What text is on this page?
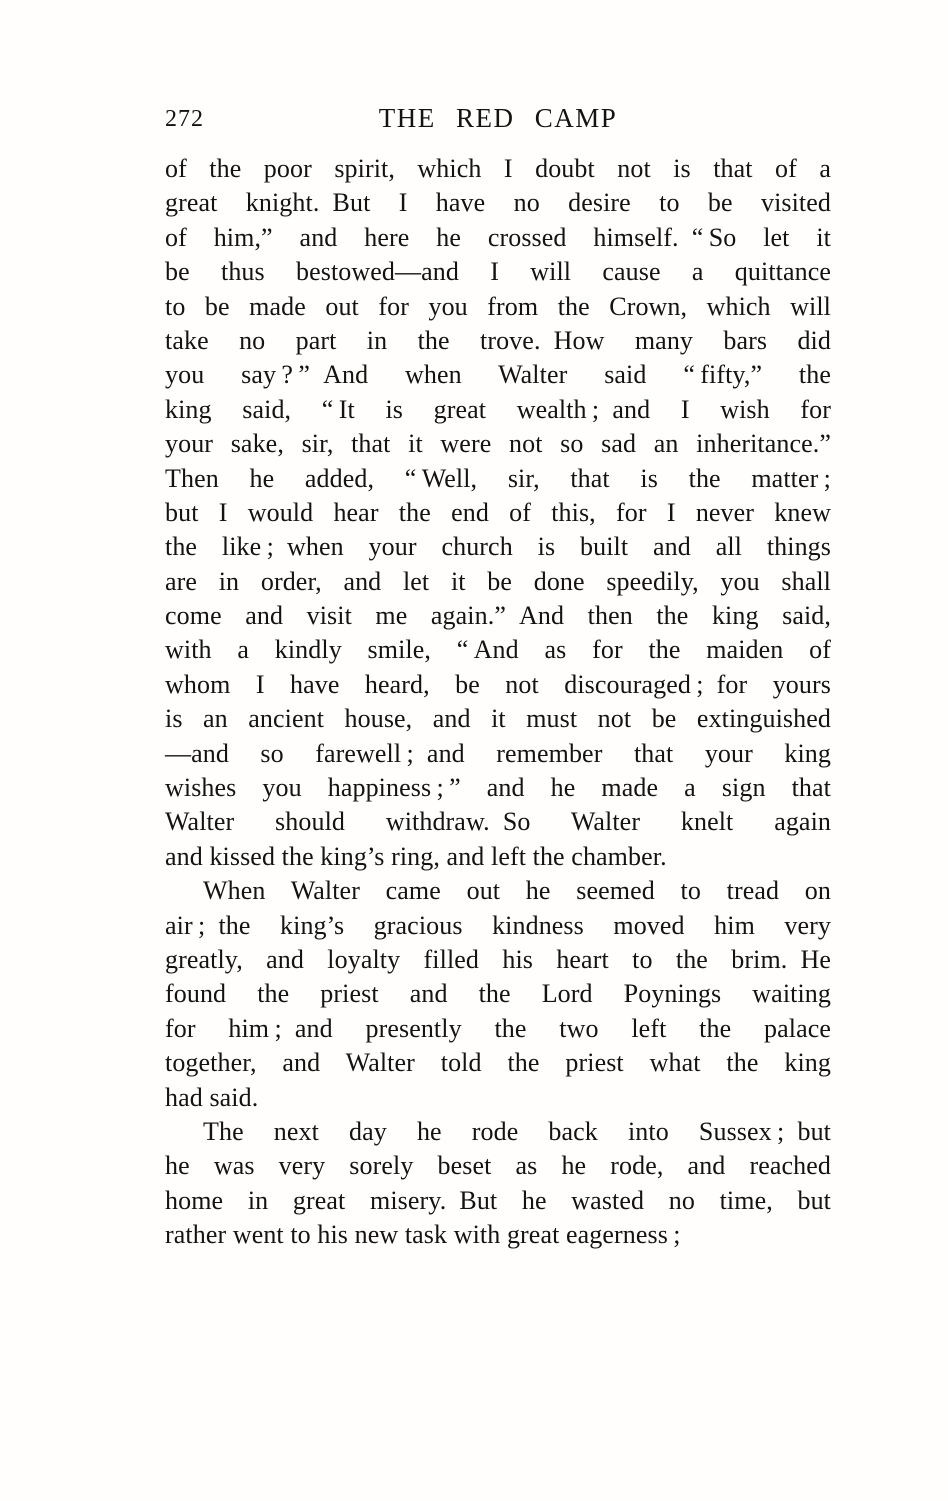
272	THE RED CAMP
of the poor spirit, which I doubt not is that of a
great knight. But I have no desire to be visited
of him,” and here he crossed himself. “ So let it
be thus bestowed—and I will cause a quittance
to be made out for you from the Crown, which will
take no part in the trove. How many bars did
you say ? ” And when Walter said “ fifty,” the
king said, “ It is great wealth ; and I wish for
your sake, sir, that it were not so sad an inheritance.”
Then he added, “ Well, sir, that is the matter ;
but I would hear the end of this, for I never knew
the like ; when your church is built and all things
are in order, and let it be done speedily, you shall
come and visit me again.” And then the king said,
with a kindly smile, “ And as for the maiden of
whom I have heard, be not discouraged ; for yours
is an ancient house, and it must not be extinguished
—and so farewell ; and remember that your king
wishes you happiness ; ” and he made a sign that
Walter should withdraw. So Walter knelt again
and kissed the king’s ring, and left the chamber.
When Walter came out he seemed to tread on
air ; the king’s gracious kindness moved him very
greatly, and loyalty filled his heart to the brim. He
found the priest and the Lord Poynings waiting
for him ; and presently the two left the palace
together, and Walter told the priest what the king
had said.
The next day he rode back into Sussex ; but
he was very sorely beset as he rode, and reached
home in great misery. But he wasted no time, but
rather went to his new task with great eagerness ;
